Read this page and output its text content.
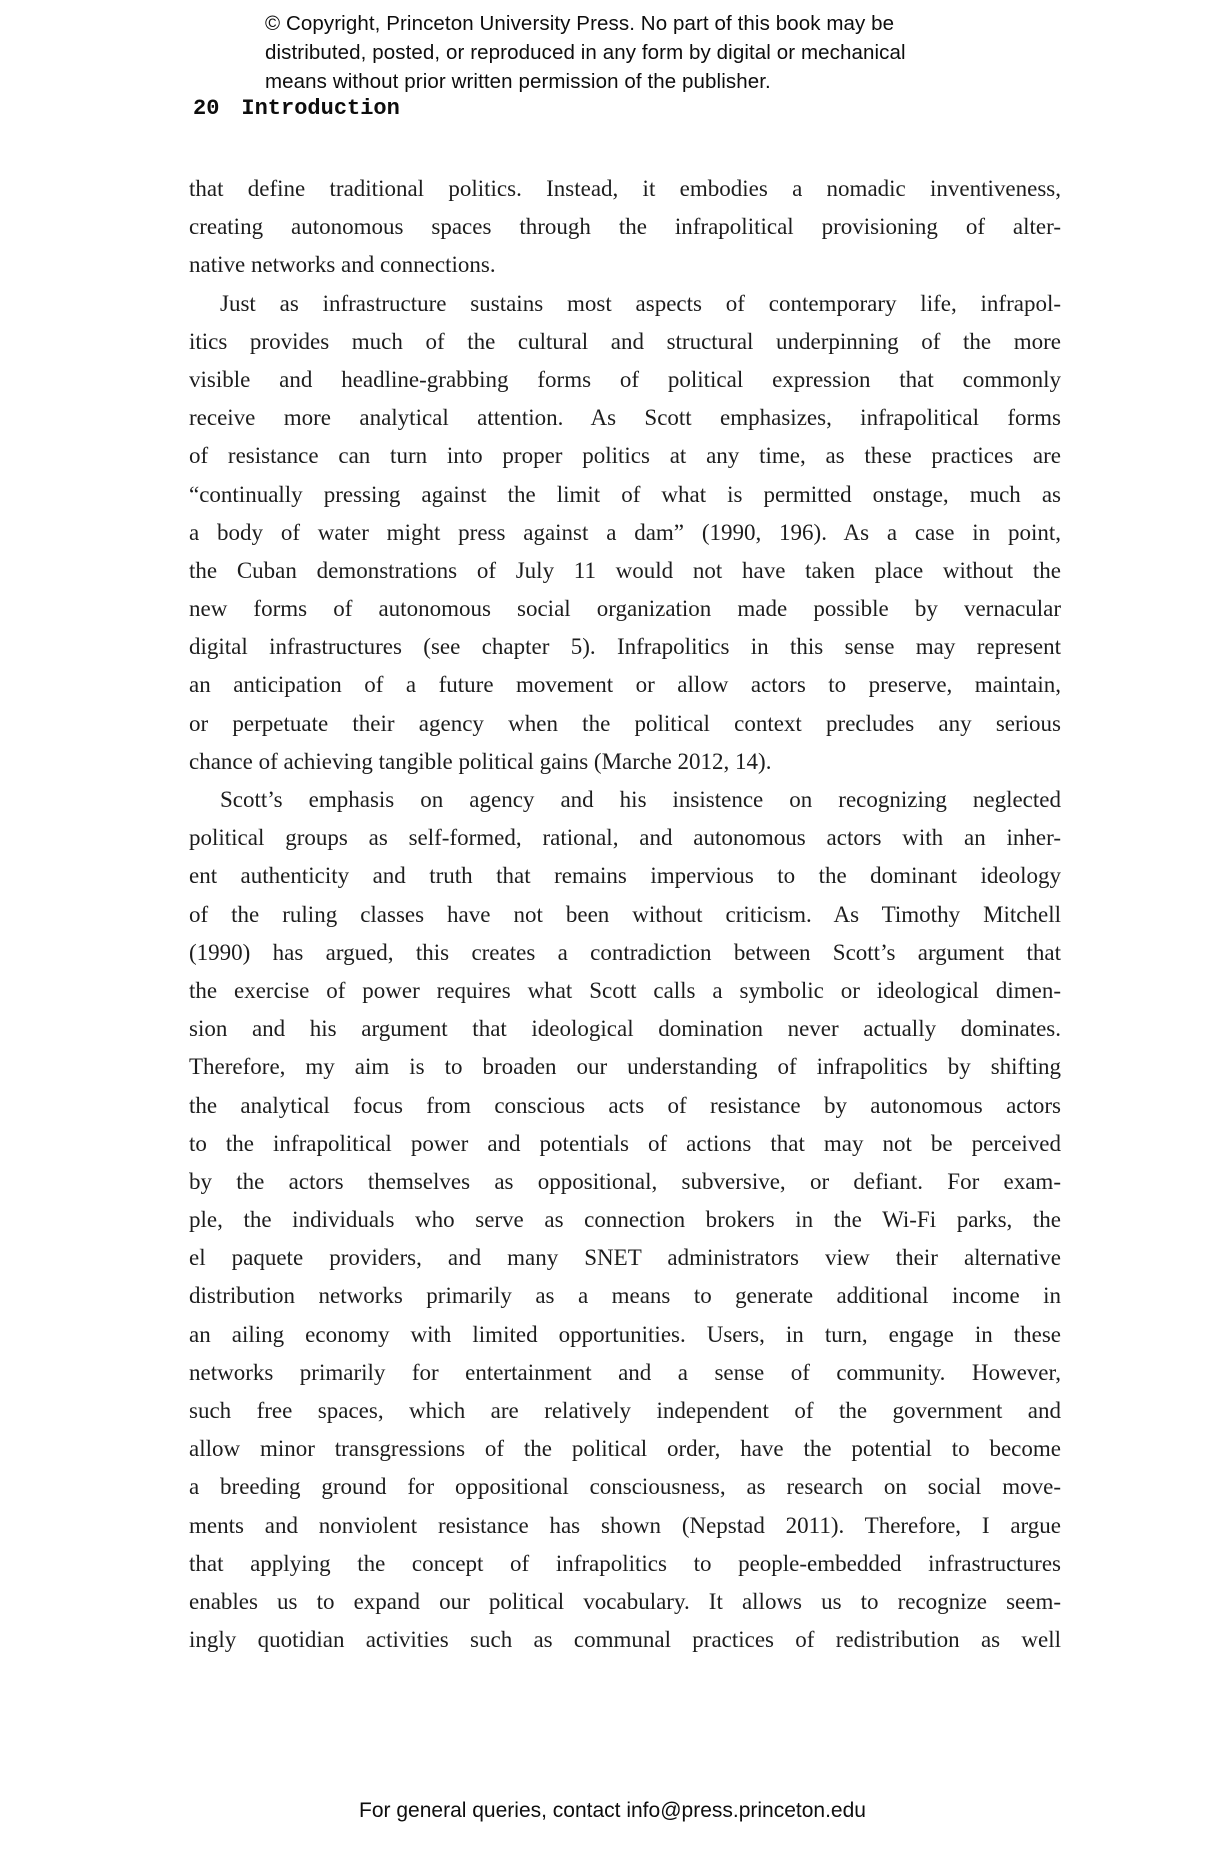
© Copyright, Princeton University Press. No part of this book may be
distributed, posted, or reproduced in any form by digital or mechanical
means without prior written permission of the publisher.
20 Introduction
that define traditional politics. Instead, it embodies a nomadic inventiveness,
creating autonomous spaces through the infrapolitical provisioning of alter-
native networks and connections.
Just as infrastructure sustains most aspects of contemporary life, infrapol-
itics provides much of the cultural and structural underpinning of the more
visible and headline-grabbing forms of political expression that commonly
receive more analytical attention. As Scott emphasizes, infrapolitical forms
of resistance can turn into proper politics at any time, as these practices are
“continually pressing against the limit of what is permitted onstage, much as
a body of water might press against a dam” (1990, 196). As a case in point,
the Cuban demonstrations of July 11 would not have taken place without the
new forms of autonomous social organization made possible by vernacular
digital infrastructures (see chapter 5). Infrapolitics in this sense may represent
an anticipation of a future movement or allow actors to preserve, maintain,
or perpetuate their agency when the political context precludes any serious
chance of achieving tangible political gains (Marche 2012, 14).
Scott’s emphasis on agency and his insistence on recognizing neglected
political groups as self-formed, rational, and autonomous actors with an inher-
ent authenticity and truth that remains impervious to the dominant ideology
of the ruling classes have not been without criticism. As Timothy Mitchell
(1990) has argued, this creates a contradiction between Scott’s argument that
the exercise of power requires what Scott calls a symbolic or ideological dimen-
sion and his argument that ideological domination never actually dominates.
Therefore, my aim is to broaden our understanding of infrapolitics by shifting
the analytical focus from conscious acts of resistance by autonomous actors
to the infrapolitical power and potentials of actions that may not be perceived
by the actors themselves as oppositional, subversive, or defiant. For exam-
ple, the individuals who serve as connection brokers in the Wi-Fi parks, the
el paquete providers, and many SNET administrators view their alternative
distribution networks primarily as a means to generate additional income in
an ailing economy with limited opportunities. Users, in turn, engage in these
networks primarily for entertainment and a sense of community. However,
such free spaces, which are relatively independent of the government and
allow minor transgressions of the political order, have the potential to become
a breeding ground for oppositional consciousness, as research on social move-
ments and nonviolent resistance has shown (Nepstad 2011). Therefore, I argue
that applying the concept of infrapolitics to people-embedded infrastructures
enables us to expand our political vocabulary. It allows us to recognize seem-
ingly quotidian activities such as communal practices of redistribution as well
For general queries, contact info@press.princeton.edu
